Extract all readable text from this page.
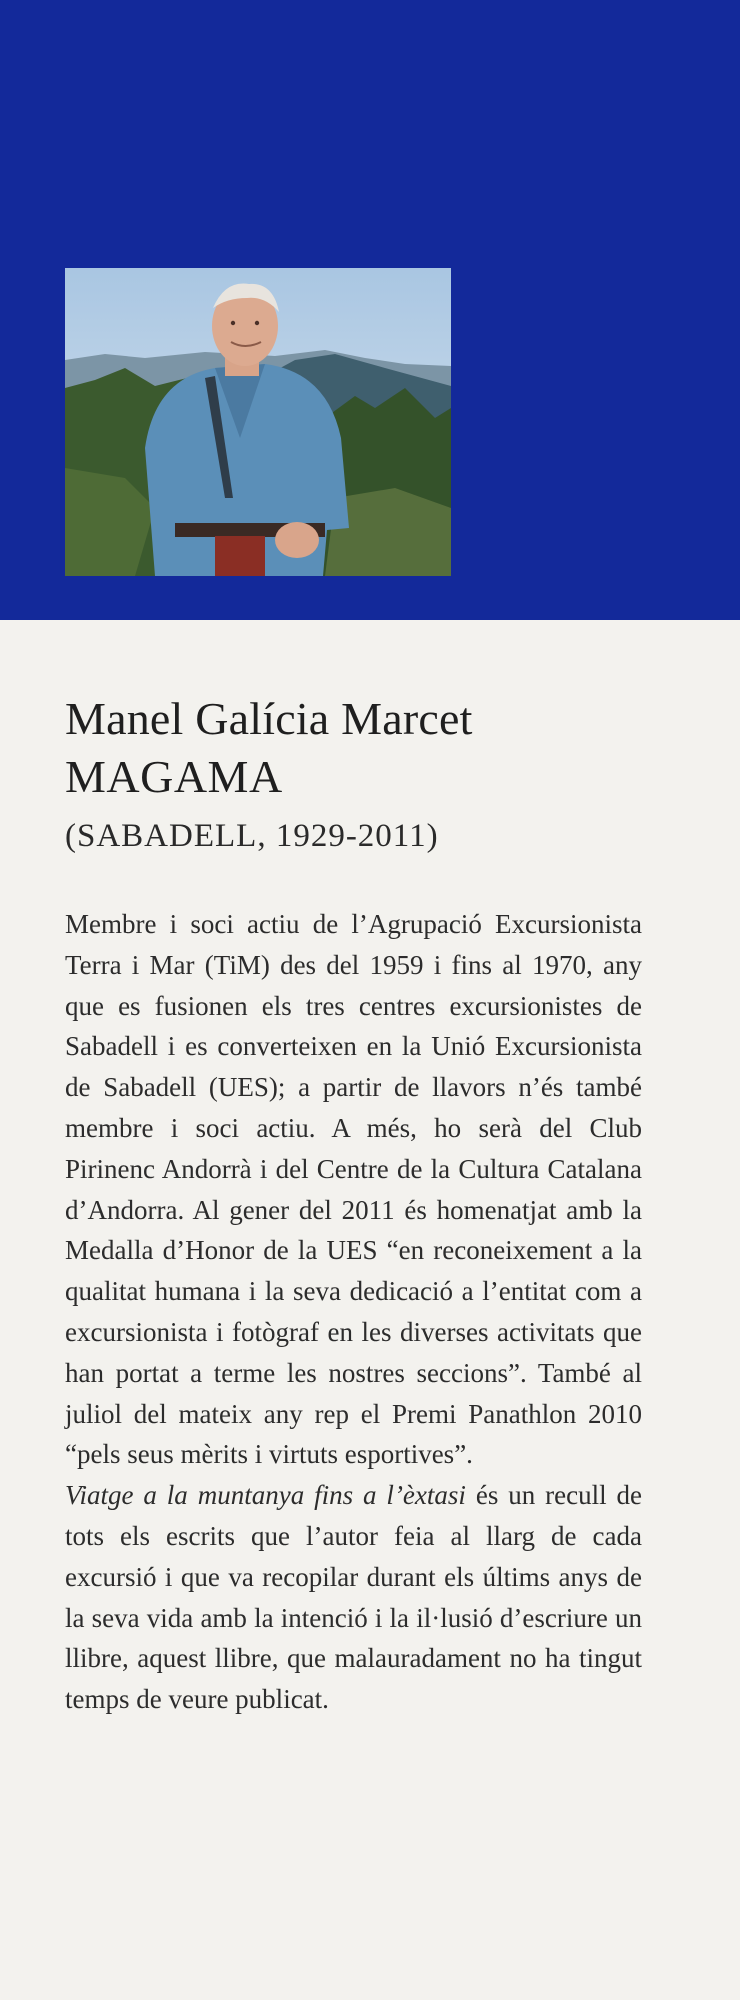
Manel Galícia Marcet
MAGAMA
(SABADELL, 1929-2011)

Membre i soci actiu de l’Agrupació Excursionista Terra i Mar (TiM) des del 1959 i fins al 1970, any que es fusionen els tres centres excursionistes de Sabadell i es converteixen en la Unió Excursionista de Sabadell (UES); a partir de llavors n’és també membre i soci actiu. A més, ho serà del Club Pirinenc Andorrà i del Centre de la Cultura Catalana d’Andorra. Al gener del 2011 és homenatjat amb la Medalla d’Honor de la UES “en reconeixement a la qualitat humana i la seva dedicació a l’entitat com a excursionista i fotògraf en les diverses activitats que han portat a terme les nostres seccions”. També al juliol del mateix any rep el Premi Panathlon 2010 “pels seus mèrits i virtuts esportives”.

Viatge a la muntanya fins a l’èxtasi és un recull de tots els escrits que l’autor feia al llarg de cada excursió i que va recopilar durant els últims anys de la seva vida amb la intenció i la il·lusió d’escriure un llibre, aquest llibre, que malauradament no ha tingut temps de veure publicat.
